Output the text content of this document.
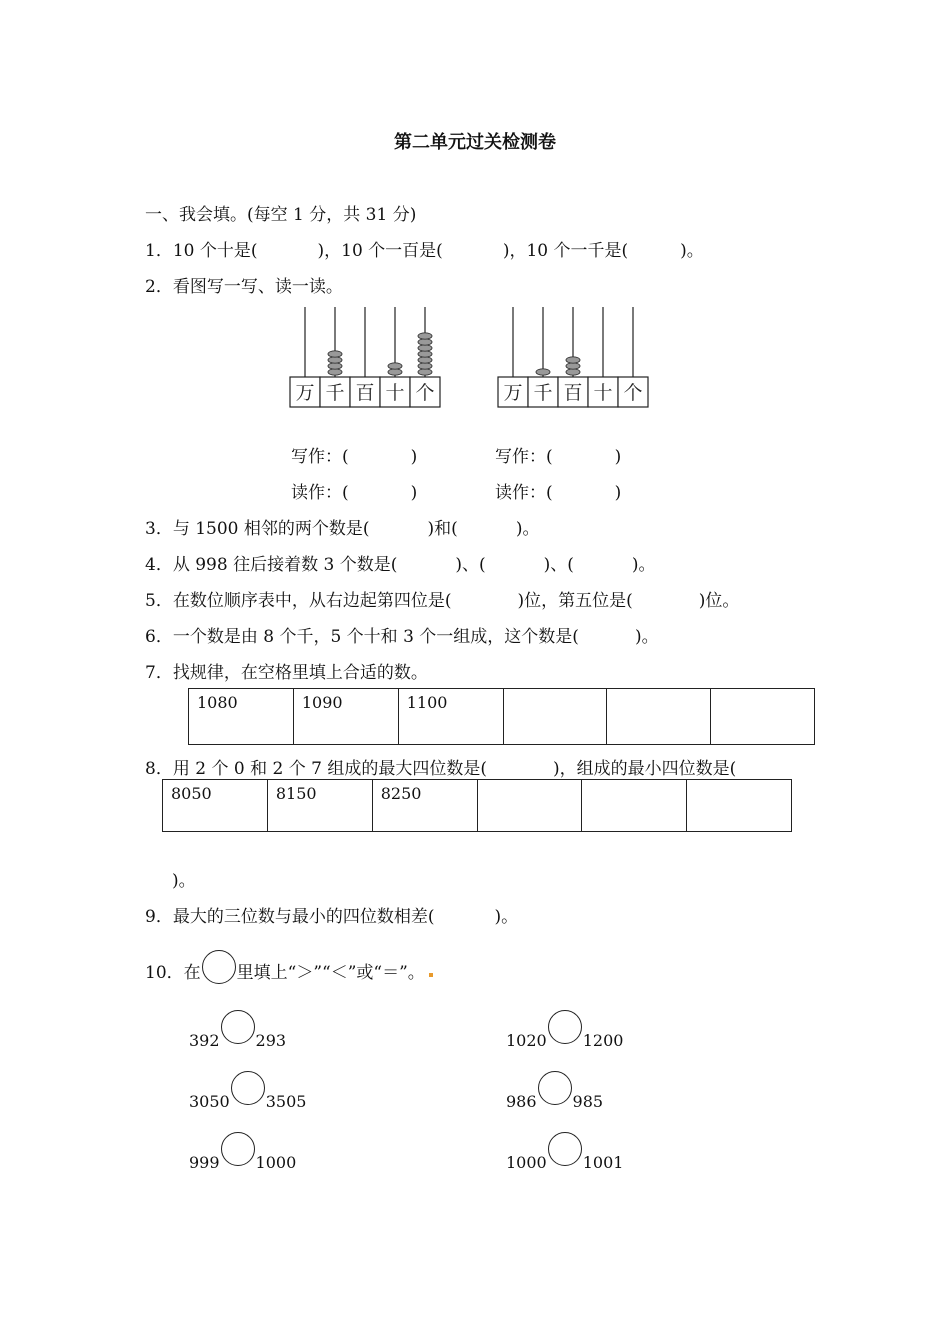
第二单元过关检测卷
一、我会填。(每空 1 分，共 31 分)
1．10 个十是(	)，10 个一百是(	)，10 个一千是(	)。
2．看图写一写、读一读。
万 千 百 十 个	万 千 百 十 个
写作：(	)	写作：(	)
读作：(	)	读作：(	)
3．与 1500 相邻的两个数是(	)和(	)。
4．从 998 往后接着数 3 个数是(	)、(	)、(	)。
5．在数位顺序表中，从右边起第四位是(	)位，第五位是(	)位。
6．一个数是由 8 个千，5 个十和 3 个一组成，这个数是(	)。
7．找规律，在空格里填上合适的数。
1080	1090	1100			
8．用 2 个 0 和 2 个 7 组成的最大四位数是(	)，组成的最小四位数是(
8050	8150	8250			
)。
9．最大的三位数与最小的四位数相差(	)。
10．在 里填上“＞”“＜”或“＝”。
392 293	1020 1200
3050 3505	986 985
999 1000	1000 1001
